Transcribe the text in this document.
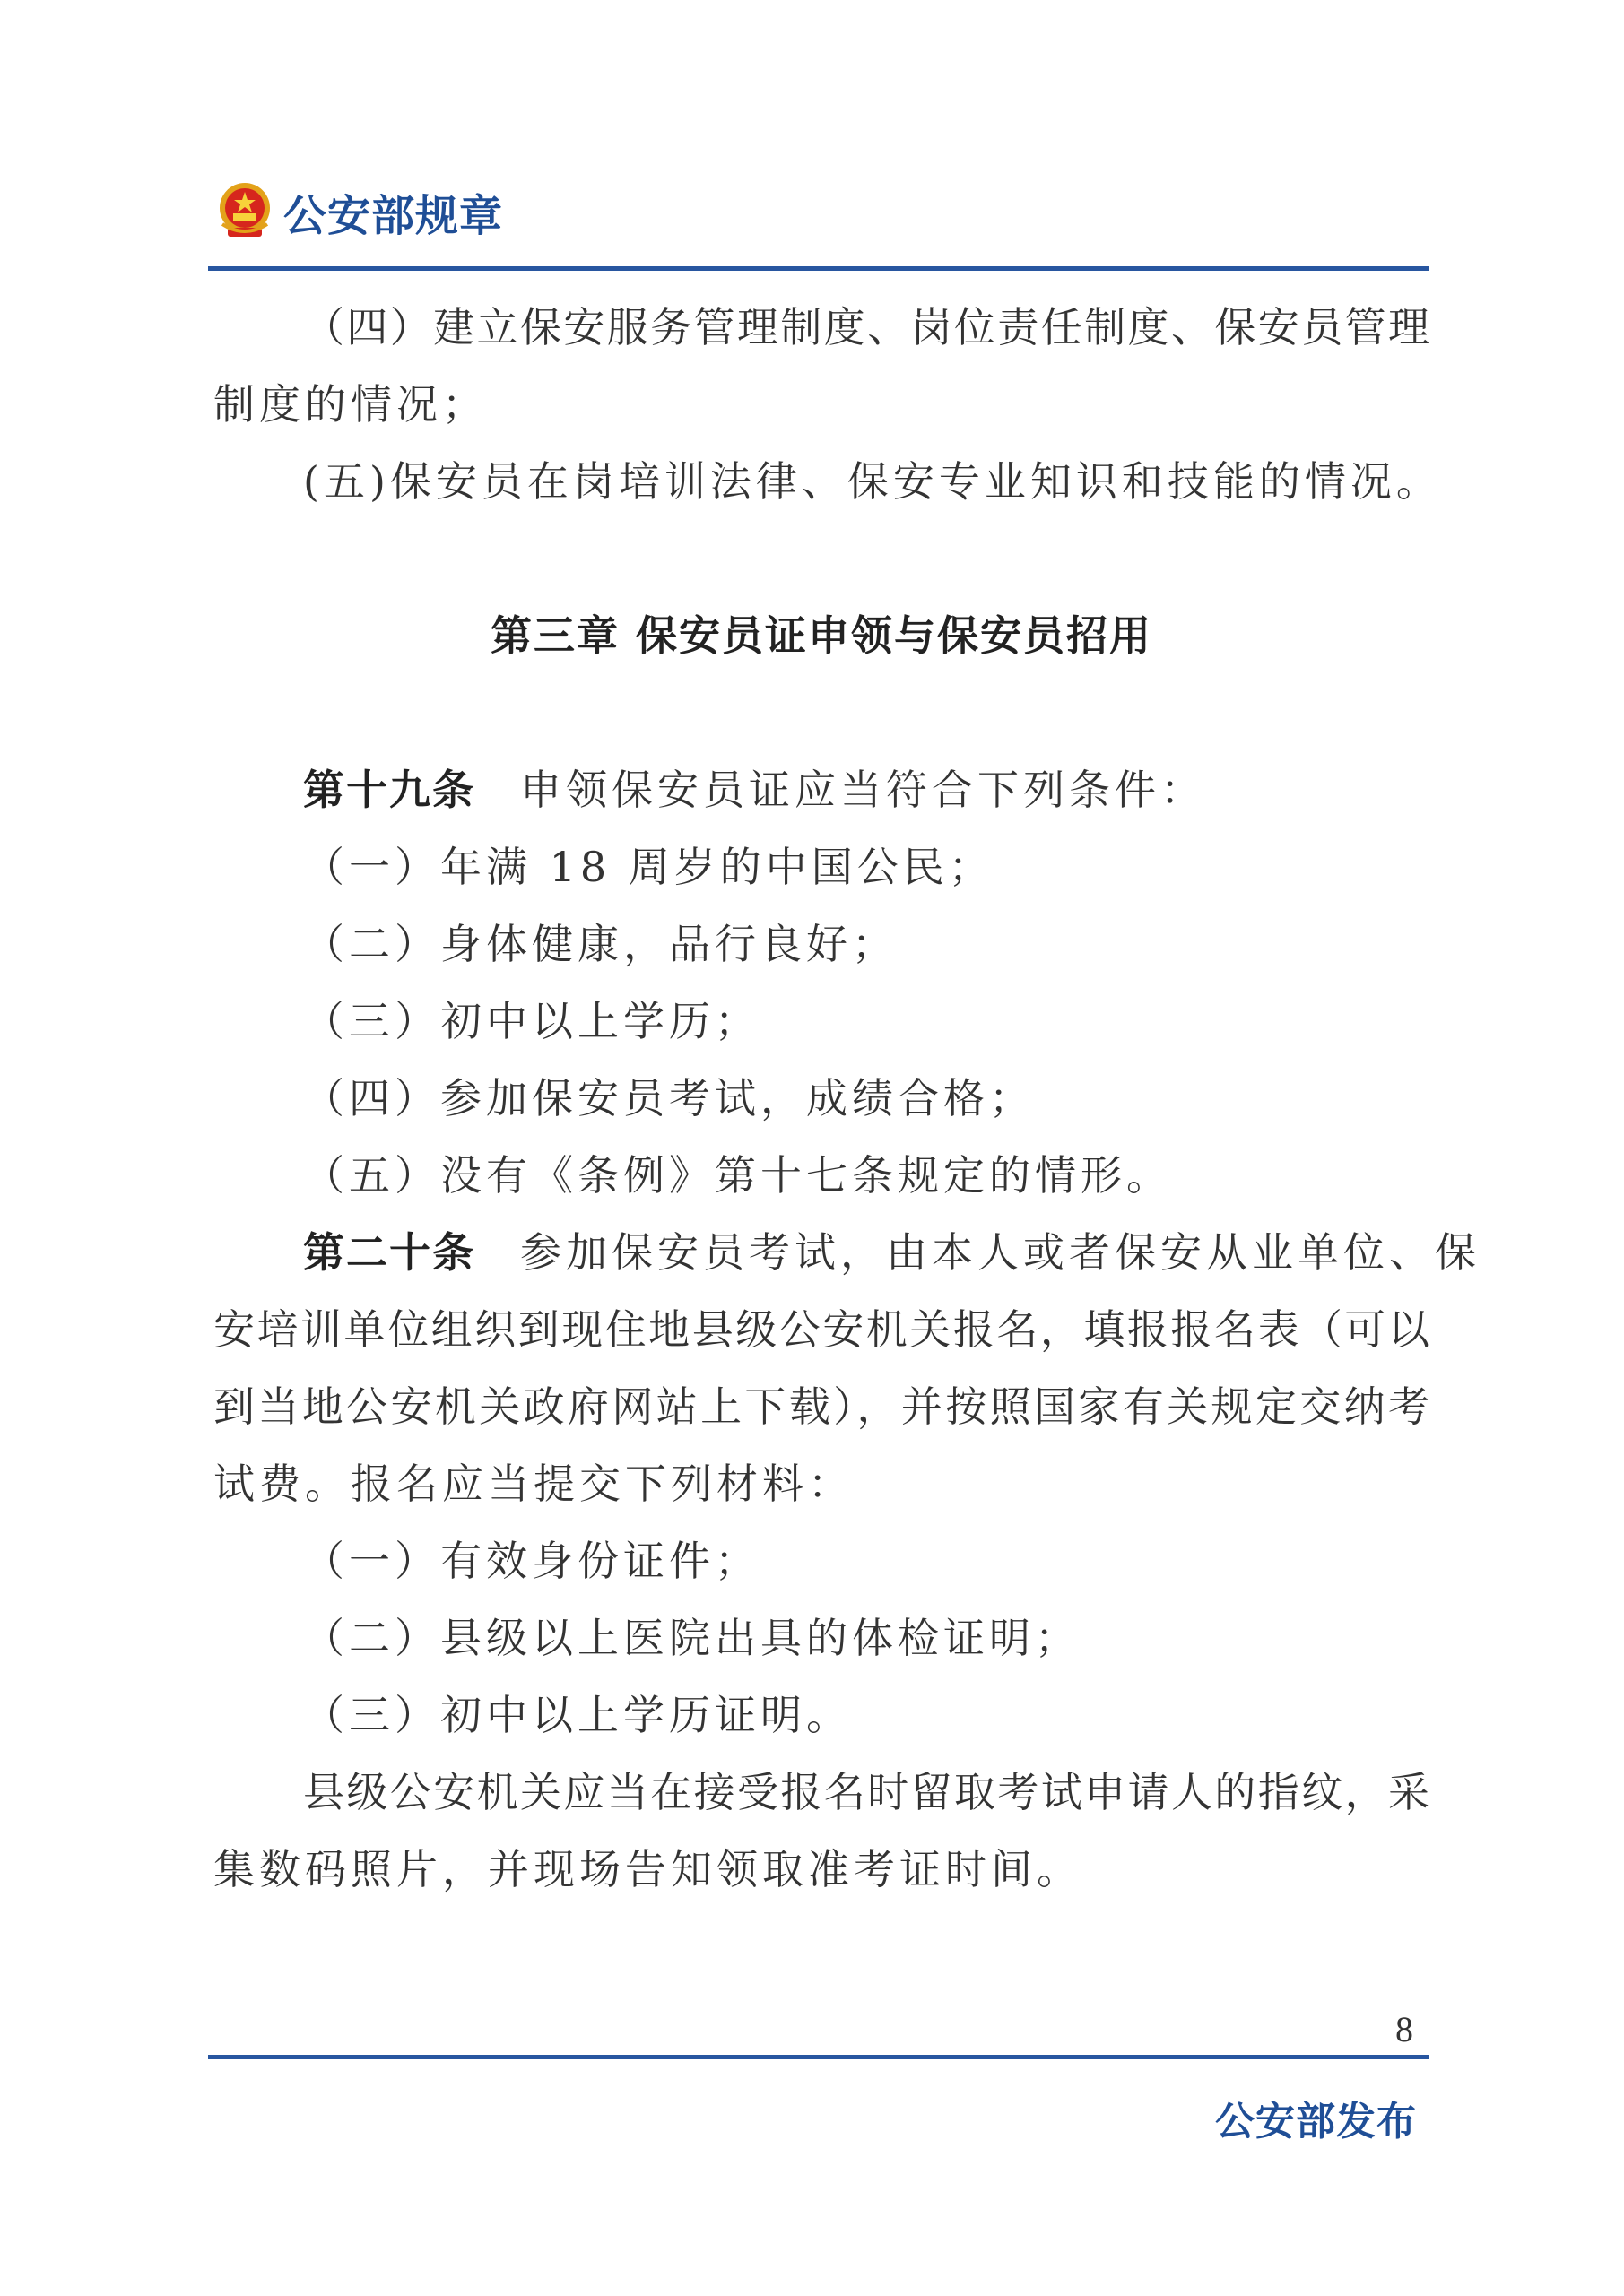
公安部规章
（四）建立保安服务管理制度、岗位责任制度、保安员管理
制度的情况；
(五)保安员在岗培训法律、保安专业知识和技能的情况。
第三章 保安员证申领与保安员招用
第十九条 申领保安员证应当符合下列条件：
（一）年满 18 周岁的中国公民；
（二）身体健康，品行良好；
（三）初中以上学历；
（四）参加保安员考试，成绩合格；
（五）没有《条例》第十七条规定的情形。
第二十条 参加保安员考试，由本人或者保安从业单位、保
安培训单位组织到现住地县级公安机关报名，填报报名表（可以
到当地公安机关政府网站上下载），并按照国家有关规定交纳考
试费。报名应当提交下列材料：
（一）有效身份证件；
（二）县级以上医院出具的体检证明；
（三）初中以上学历证明。
县级公安机关应当在接受报名时留取考试申请人的指纹，采
集数码照片，并现场告知领取准考证时间。
8
公安部发布
